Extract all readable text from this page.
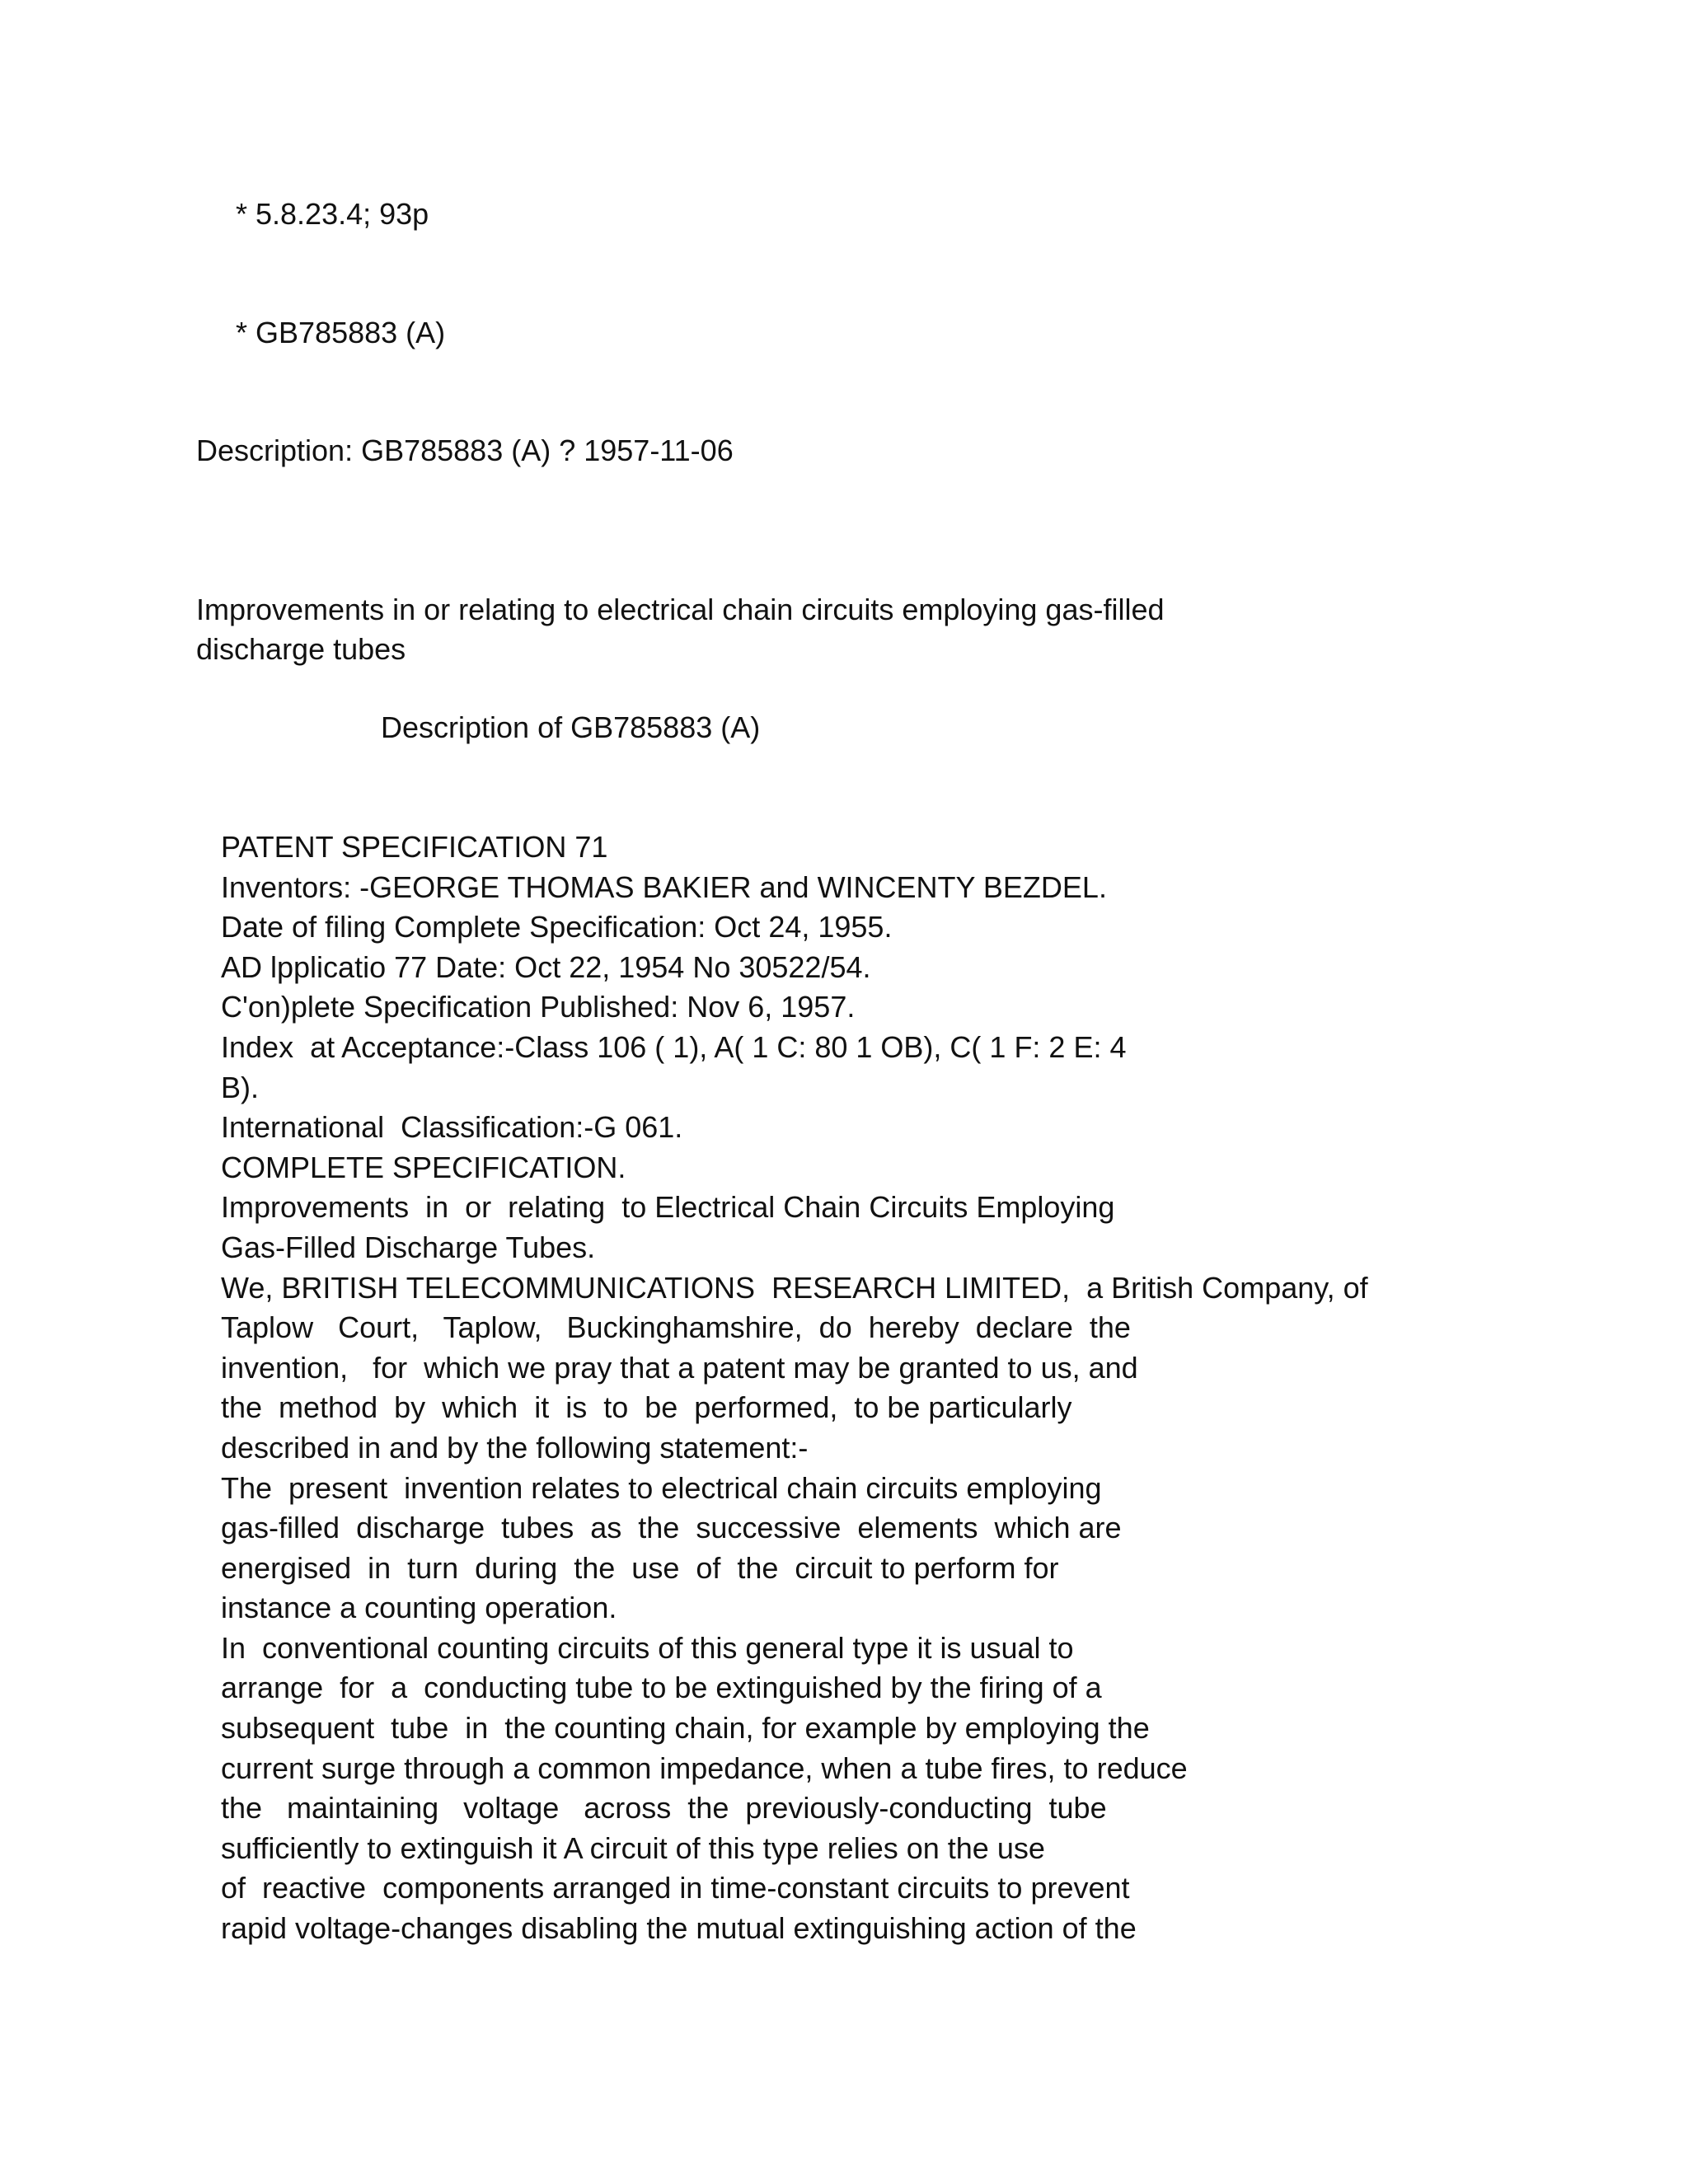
* 5.8.23.4; 93p
* GB785883 (A)
Description: GB785883 (A) ? 1957-11-06
Improvements in or relating to electrical chain circuits employing gas-filled discharge tubes
Description of GB785883 (A)
PATENT SPECIFICATION 71
Inventors: -GEORGE THOMAS BAKIER and WINCENTY BEZDEL.
Date of filing Complete Specification: Oct 24, 1955.
AD lpplicatio 77 Date: Oct 22, 1954 No 30522/54.
C'on)plete Specification Published: Nov 6, 1957.
Index  at Acceptance:-Class 106 ( 1), A( 1 C: 80 1 OB), C( 1 F: 2 E: 4
B).
International  Classification:-G 061.
COMPLETE SPECIFICATION.
Improvements  in  or  relating  to Electrical Chain Circuits Employing
Gas-Filled Discharge Tubes.
We, BRITISH TELECOMMUNICATIONS  RESEARCH LIMITED,  a British Company, of
Taplow   Court,   Taplow,   Buckinghamshire,  do  hereby  declare  the
invention,   for  which we pray that a patent may be granted to us, and
the  method  by  which  it  is  to  be  performed,  to be particularly
described in and by the following statement:-
The  present  invention relates to electrical chain circuits employing
gas-filled  discharge  tubes  as  the  successive  elements  which are
energised  in  turn  during  the  use  of  the  circuit to perform for
instance a counting operation.
In  conventional counting circuits of this general type it is usual to
arrange  for  a  conducting tube to be extinguished by the firing of a
subsequent  tube  in  the counting chain, for example by employing the
current surge through a common impedance, when a tube fires, to reduce
the   maintaining   voltage   across  the  previously-conducting  tube
sufficiently to extinguish it A circuit of this type relies on the use
of  reactive  components arranged in time-constant circuits to prevent
rapid voltage-changes disabling the mutual extinguishing action of the
